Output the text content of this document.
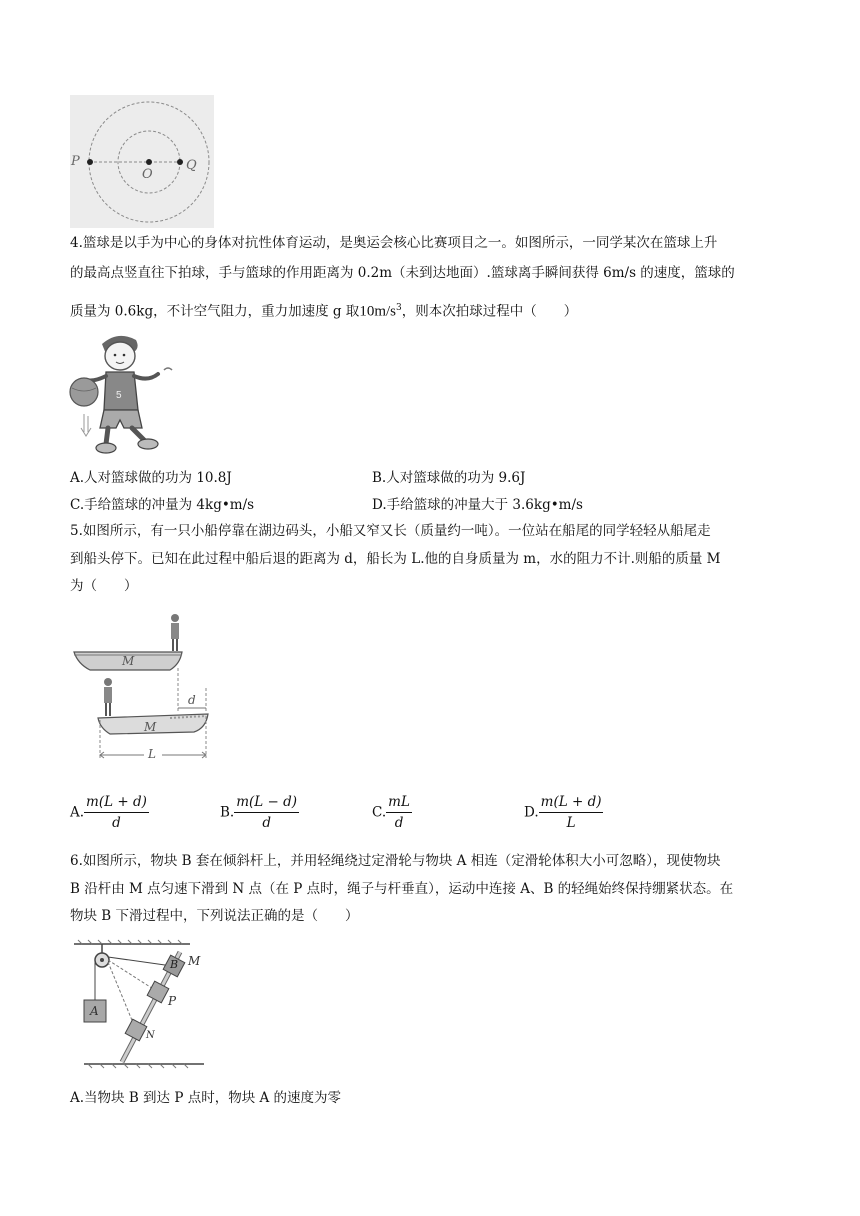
P
O
Q
4.篮球是以手为中心的身体对抗性体育运动，是奥运会核心比赛项目之一。如图所示，一同学某次在篮球上升
的最高点竖直往下拍球，手与篮球的作用距离为 0.2m（未到达地面）.篮球离手瞬间获得 6m/s 的速度，篮球的
质量为 0.6kg，不计空气阻力，重力加速度 g 取$10m/s^3$，则本次拍球过程中（　　）
5
A.人对篮球做的功为 10.8J	B.人对篮球做的功为 9.6J
C.手给篮球的冲量为 4kg•m/s	D.手给篮球的冲量大于 3.6kg•m/s
5.如图所示，有一只小船停靠在湖边码头，小船又窄又长（质量约一吨）。一位站在船尾的同学轻轻从船尾走
到船头停下。已知在此过程中船后退的距离为 d，船长为 L.他的自身质量为 m，水的阻力不计.则船的质量 M
为（　　）
M
d
M
L
A. $\frac{m(L + d)}{d}$	B. $\frac{m(L - d)}{d}$	C. $\frac{mL}{d}$	D. $\frac{m(L + d)}{L}$
6.如图所示，物块 B 套在倾斜杆上，并用轻绳绕过定滑轮与物块 A 相连（定滑轮体积大小可忽略），现使物块
B 沿杆由 M 点匀速下滑到 N 点（在 P 点时，绳子与杆垂直），运动中连接 A、B 的轻绳始终保持绷紧状态。在
物块 B 下滑过程中，下列说法正确的是（　　）
A
B M
P
N
A.当物块 B 到达 P 点时，物块 A 的速度为零
